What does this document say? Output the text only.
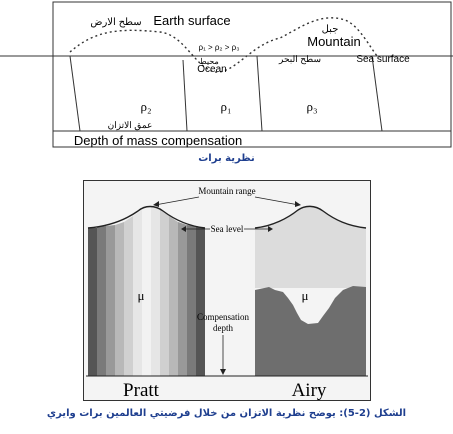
سطح الارض Earth surface
جبل
Mountain
ρ₁ > ρ₂ > ρ₃
محيط
Ocean
سطح البحر	Sea surface
ρ₂	ρ₁	ρ₃
عمق الاتزان
Depth of mass compensation
نظرية برات
Mountain range
Sea level
μ	μ
Compensation
depth
Pratt	Airy
الشكل (2-5): يوضح نظرية الاتزان من خلال فرضيتي العالمين برات وايري
